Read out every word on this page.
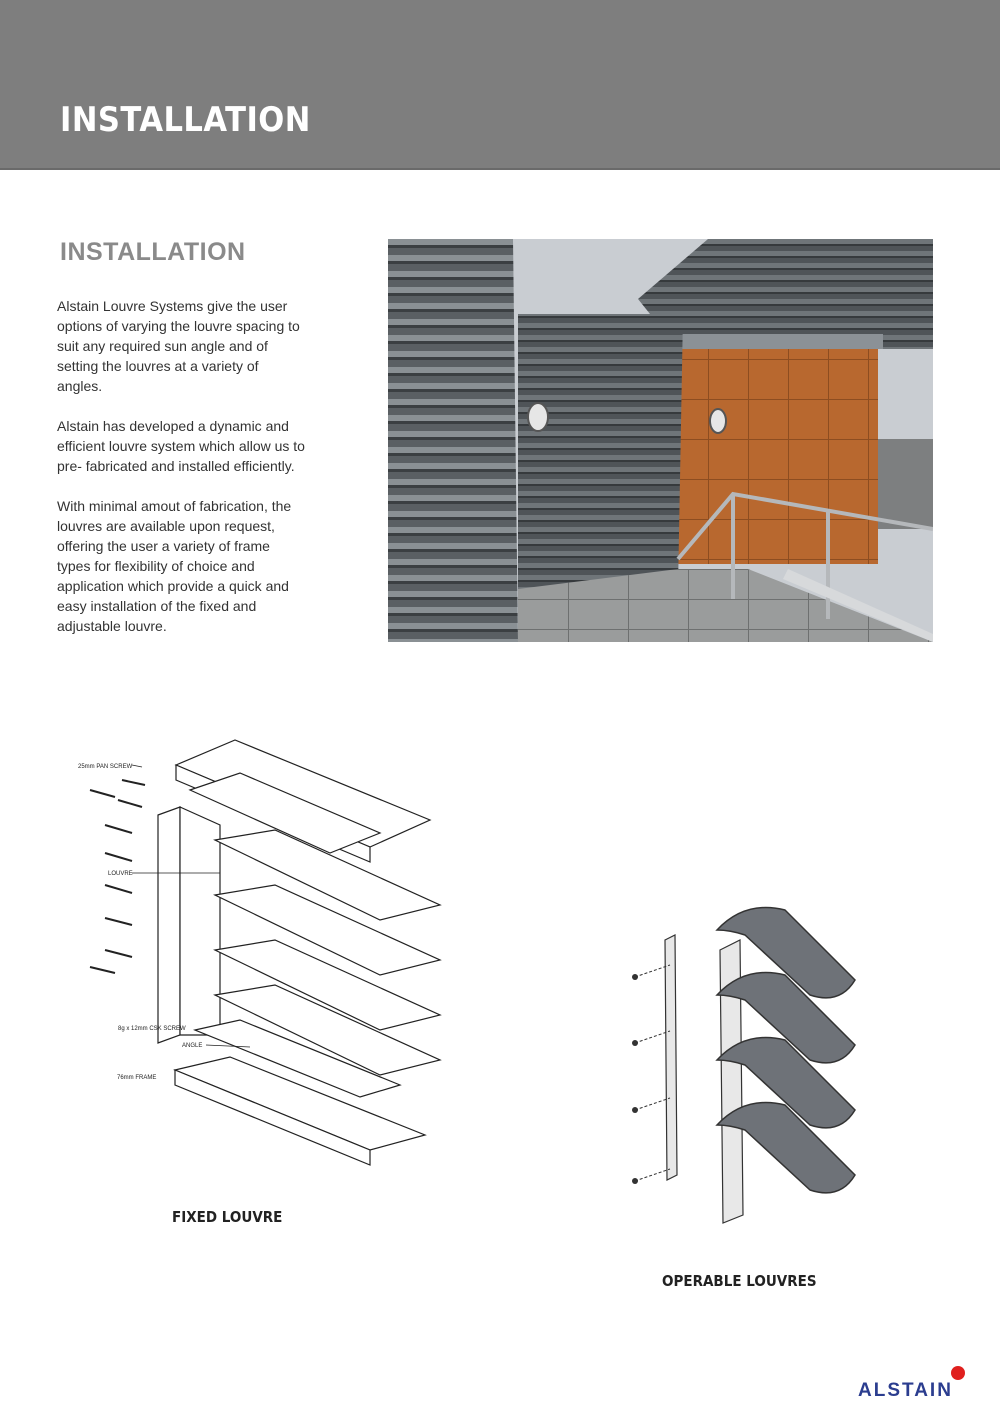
INSTALLATION
INSTALLATION

Alstain Louvre Systems give the user options of varying the louvre spacing to suit any required sun angle and of setting the louvres at a variety of angles.

Alstain has developed a dynamic and efficient louvre system which allow us to pre- fabricated and installed efficiently.

With minimal amout of fabrication, the louvres are available upon request, offering the user a variety of frame types for flexibility of choice and application which provide a quick and easy installation of the fixed and adjustable louvre.

25mm PAN SCREW
LOUVRE
8g x 12mm CSK SCREW
ANGLE
76mm FRAME
FIXED LOUVRE
OPERABLE LOUVRES
ALSTAIN
